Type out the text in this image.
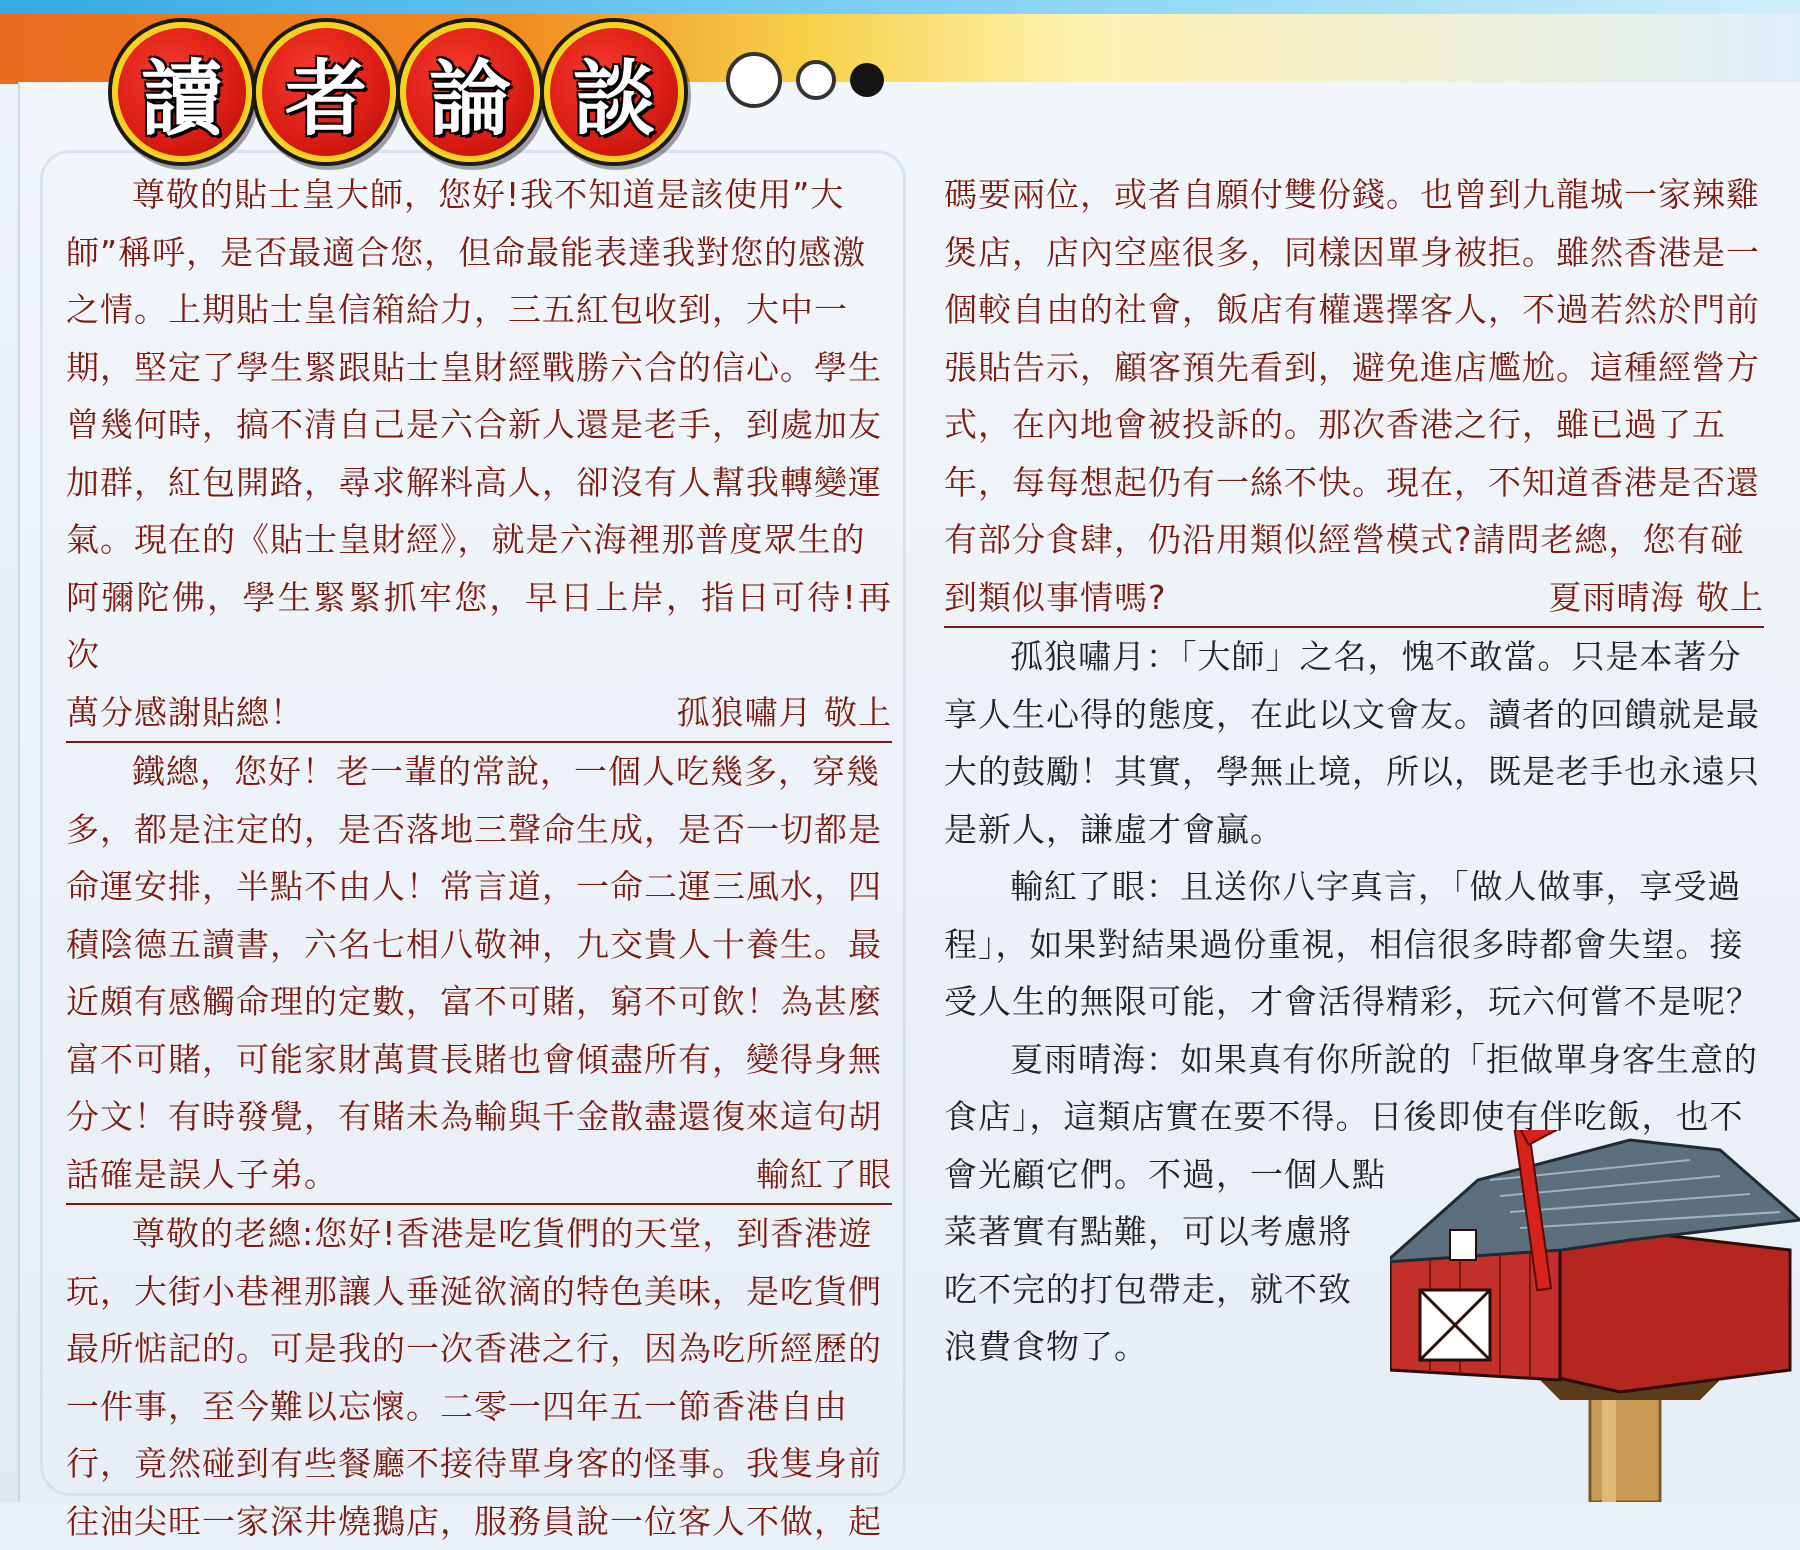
讀 者 論 談

尊敬的貼士皇大師，您好!我不知道是該使用”大

師”稱呼，是否最適合您，但命最能表達我對您的感激

之情。上期貼士皇信箱給力，三五紅包收到，大中一

期，堅定了學生緊跟貼士皇財經戰勝六合的信心。學生

曾幾何時，搞不清自己是六合新人還是老手，到處加友

加群，紅包開路，尋求解料高人，卻沒有人幫我轉變運

氣。現在的《貼士皇財經》，就是六海裡那普度眾生的

阿彌陀佛，學生緊緊抓牢您，早日上岸，指日可待!再次

萬分感謝貼總！	孤狼嘯月 敬上

鐵總，您好！老一輩的常說，一個人吃幾多，穿幾

多，都是注定的，是否落地三聲命生成，是否一切都是

命運安排，半點不由人！常言道，一命二運三風水，四

積陰德五讀書，六名七相八敬神，九交貴人十養生。最

近頗有感觸命理的定數，富不可賭，窮不可飲！為甚麼

富不可賭，可能家財萬貫長賭也會傾盡所有，變得身無

分文！有時發覺，有賭未為輸與千金散盡還復來這句胡

話確是誤人子弟。	輸紅了眼

尊敬的老總:您好!香港是吃貨們的天堂，到香港遊

玩，大街小巷裡那讓人垂涎欲滴的特色美味，是吃貨們

最所惦記的。可是我的一次香港之行，因為吃所經歷的

一件事，至今難以忘懷。二零一四年五一節香港自由

行，竟然碰到有些餐廳不接待單身客的怪事。我隻身前

往油尖旺一家深井燒鵝店，服務員說一位客人不做，起

碼要兩位，或者自願付雙份錢。也曾到九龍城一家辣雞

煲店，店內空座很多，同樣因單身被拒。雖然香港是一

個較自由的社會，飯店有權選擇客人，不過若然於門前

張貼告示，顧客預先看到，避免進店尷尬。這種經營方

式，在內地會被投訴的。那次香港之行，雖已過了五

年，每每想起仍有一絲不快。現在，不知道香港是否還

有部分食肆，仍沿用類似經營模式?請問老總，您有碰

到類似事情嗎?	夏雨晴海 敬上

孤狼嘯月：「大師」之名，愧不敢當。只是本著分

享人生心得的態度，在此以文會友。讀者的回饋就是最

大的鼓勵！其實，學無止境，所以，既是老手也永遠只

是新人，謙虛才會贏。

輸紅了眼：且送你八字真言，「做人做事，享受過

程」，如果對結果過份重視，相信很多時都會失望。接

受人生的無限可能，才會活得精彩，玩六何嘗不是呢？

夏雨晴海：如果真有你所說的「拒做單身客生意的

食店」，這類店實在要不得。日後即使有伴吃飯，也不

會光顧它們。不過，一個人點

菜著實有點難，可以考慮將

吃不完的打包帶走，就不致

浪費食物了。
